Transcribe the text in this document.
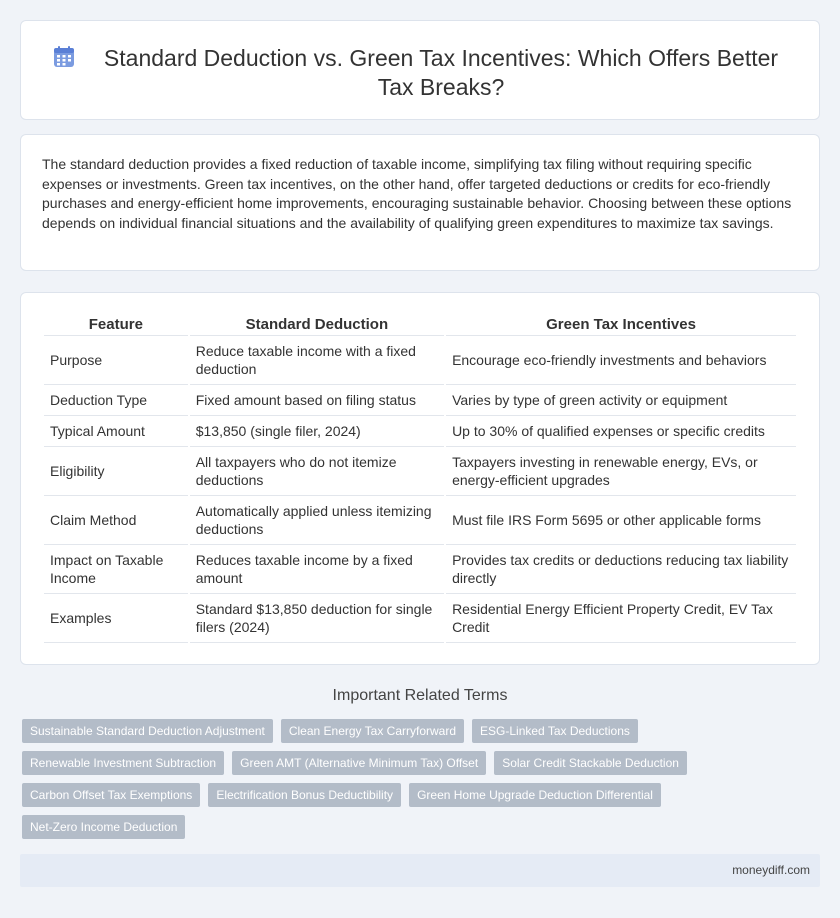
Standard Deduction vs. Green Tax Incentives: Which Offers Better Tax Breaks?

The standard deduction provides a fixed reduction of taxable income, simplifying tax filing without requiring specific expenses or investments. Green tax incentives, on the other hand, offer targeted deductions or credits for eco-friendly purchases and energy-efficient home improvements, encouraging sustainable behavior. Choosing between these options depends on individual financial situations and the availability of qualifying green expenditures to maximize tax savings.

Feature	Standard Deduction	Green Tax Incentives
Purpose	Reduce taxable income with a fixed deduction	Encourage eco-friendly investments and behaviors
Deduction Type	Fixed amount based on filing status	Varies by type of green activity or equipment
Typical Amount	$13,850 (single filer, 2024)	Up to 30% of qualified expenses or specific credits
Eligibility	All taxpayers who do not itemize deductions	Taxpayers investing in renewable energy, EVs, or energy-efficient upgrades
Claim Method	Automatically applied unless itemizing deductions	Must file IRS Form 5695 or other applicable forms
Impact on Taxable Income	Reduces taxable income by a fixed amount	Provides tax credits or deductions reducing tax liability directly
Examples	Standard $13,850 deduction for single filers (2024)	Residential Energy Efficient Property Credit, EV Tax Credit
Important Related Terms
Sustainable Standard Deduction Adjustment	Clean Energy Tax Carryforward	ESG-Linked Tax Deductions
Renewable Investment Subtraction	Green AMT (Alternative Minimum Tax) Offset	Solar Credit Stackable Deduction
Carbon Offset Tax Exemptions	Electrification Bonus Deductibility	Green Home Upgrade Deduction Differential
Net-Zero Income Deduction
moneydiff.com
